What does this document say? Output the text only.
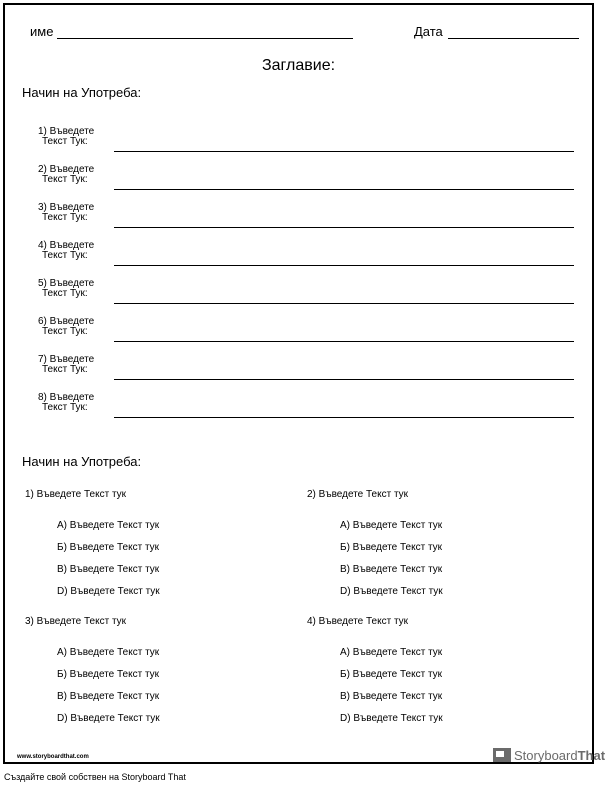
име	Дата
Заглавие:
Начин на Употреба:
1) Въведете
Текст Тук:
2) Въведете
Текст Тук:
3) Въведете
Текст Тук:
4) Въведете
Текст Тук:
5) Въведете
Текст Тук:
6) Въведете
Текст Тук:
7) Въведете
Текст Тук:
8) Въведете
Текст Тук:
Начин на Употреба:
1) Въведете Текст тук
A) Въведете Текст тук
Б) Въведете Текст тук
В) Въведете Текст тук
D) Въведете Текст тук
2) Въведете Текст тук
A) Въведете Текст тук
Б) Въведете Текст тук
В) Въведете Текст тук
D) Въведете Текст тук
3) Въведете Текст тук
A) Въведете Текст тук
Б) Въведете Текст тук
В) Въведете Текст тук
D) Въведете Текст тук
4) Въведете Текст тук
A) Въведете Текст тук
Б) Въведете Текст тук
В) Въведете Текст тук
D) Въведете Текст тук
www.storyboardthat.com	StoryboardThat
Създайте свой собствен на Storyboard That
